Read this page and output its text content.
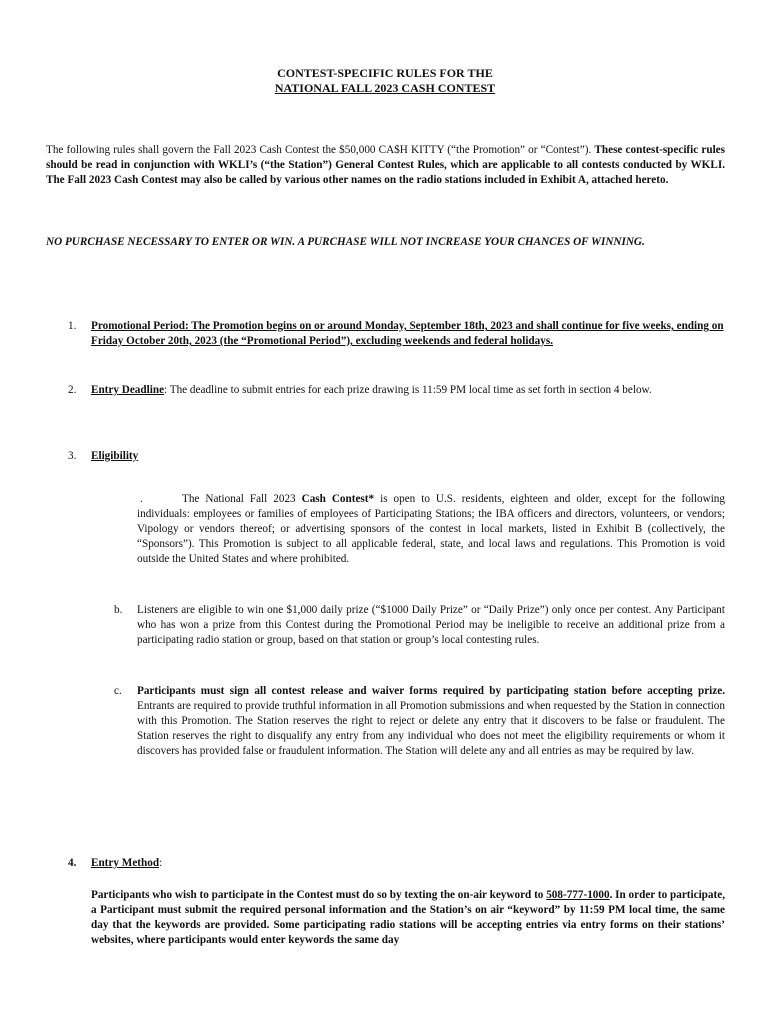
CONTEST-SPECIFIC RULES FOR THE
NATIONAL FALL 2023 CASH CONTEST

The following rules shall govern the Fall 2023 Cash Contest the $50,000 CA$H KITTY (“the Promotion” or “Contest”). These contest-specific rules should be read in conjunction with WKLI’s (“the Station”) General Contest Rules, which are applicable to all contests conducted by WKLI. The Fall 2023 Cash Contest may also be called by various other names on the radio stations included in Exhibit A, attached hereto.

NO PURCHASE NECESSARY TO ENTER OR WIN. A PURCHASE WILL NOT INCREASE YOUR CHANCES OF WINNING.

1.	Promotional Period: The Promotion begins on or around Monday, September 18th, 2023 and shall continue for five weeks, ending on Friday October 20th, 2023 (the “Promotional Period”), excluding weekends and federal holidays.

2.	Entry Deadline: The deadline to submit entries for each prize drawing is 11:59 PM local time as set forth in section 4 below.

3.	Eligibility

.	The National Fall 2023 Cash Contest* is open to U.S. residents, eighteen and older, except for the following individuals: employees or families of employees of Participating Stations; the IBA officers and directors, volunteers, or vendors; Vipology or vendors thereof; or advertising sponsors of the contest in local markets, listed in Exhibit B (collectively, the “Sponsors”). This Promotion is subject to all applicable federal, state, and local laws and regulations. This Promotion is void outside the United States and where prohibited.

b. Listeners are eligible to win one $1,000 daily prize (“$1000 Daily Prize” or “Daily Prize”) only once per contest. Any Participant who has won a prize from this Contest during the Promotional Period may be ineligible to receive an additional prize from a participating radio station or group, based on that station or group’s local contesting rules.

c. Participants must sign all contest release and waiver forms required by participating station before accepting prize. Entrants are required to provide truthful information in all Promotion submissions and when requested by the Station in connection with this Promotion. The Station reserves the right to reject or delete any entry that it discovers to be false or fraudulent. The Station reserves the right to disqualify any entry from any individual who does not meet the eligibility requirements or whom it discovers has provided false or fraudulent information. The Station will delete any and all entries as may be required by law.

4.	Entry Method:

Participants who wish to participate in the Contest must do so by texting the on-air keyword to 508-777-1000. In order to participate, a Participant must submit the required personal information and the Station’s on air “keyword” by 11:59 PM local time, the same day that the keywords are provided. Some participating radio stations will be accepting entries via entry forms on their stations’ websites, where participants would enter keywords the same day
